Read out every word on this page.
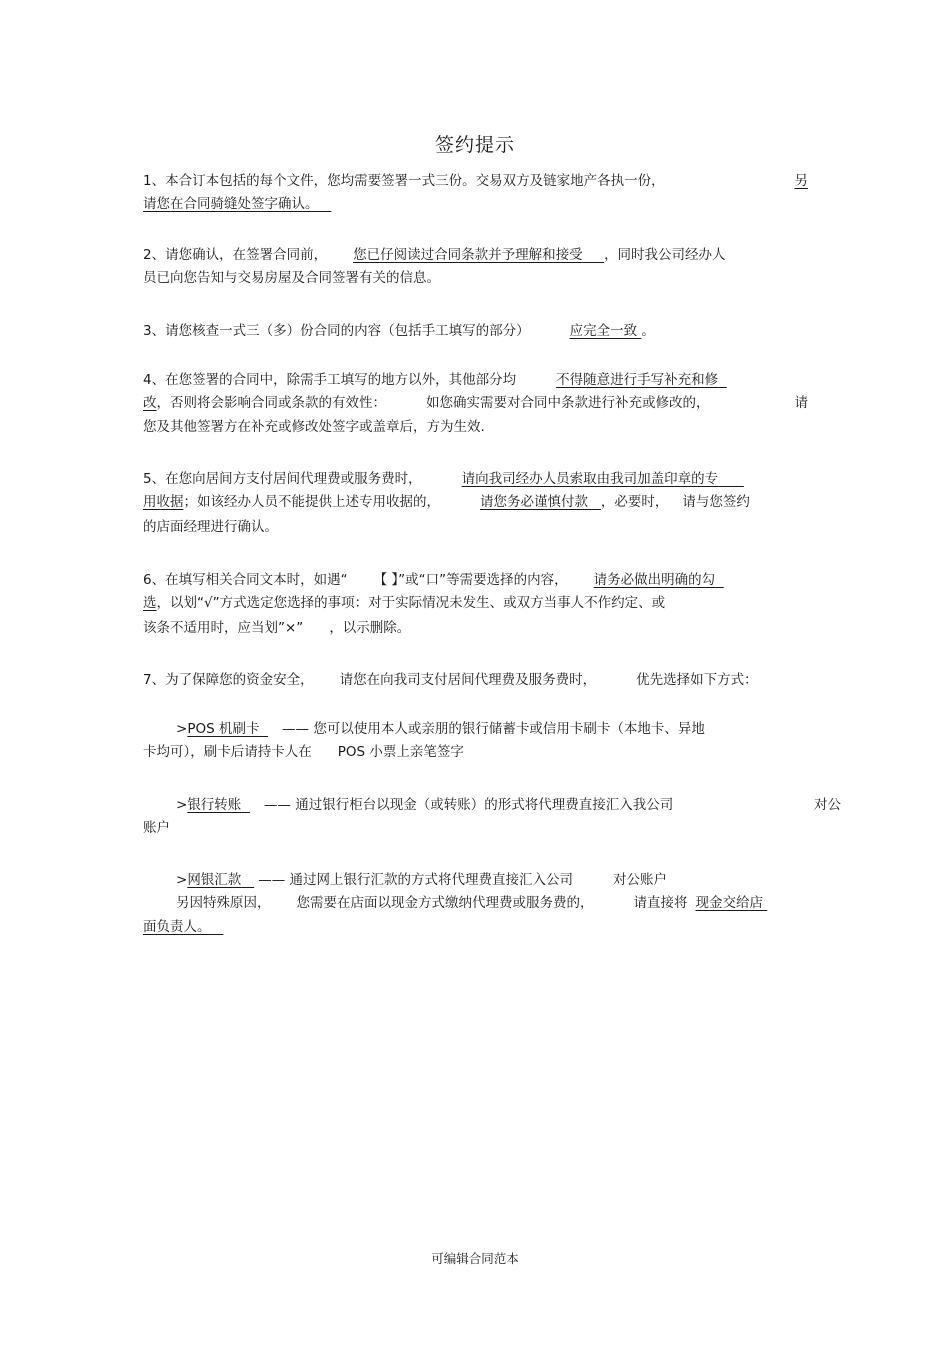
签约提示
1、本合订本包括的每个文件，您均需要签署一式三份。交易双方及链家地产各执一份，	另
请您在合同骑缝处签字确认。
2、请您确认，在签署合同前， 您已仔阅读过合同条款并予理解和接受 ，同时我公司经办人
员已向您告知与交易房屋及合同签署有关的信息。
3、请您核查一式三（多）份合同的内容（包括手工填写的部分）	应完全一致 。
4、在您签署的合同中，除需手工填写的地方以外，其他部分均	不得随意进行手写补充和修
改，否则将会影响合同或条款的有效性：	如您确实需要对合同中条款进行补充或修改的，	请
您及其他签署方在补充或修改处签字或盖章后，方为生效.
5、在您向居间方支付居间代理费或服务费时，	请向我司经办人员索取由我司加盖印章的专
用收据；如该经办人员不能提供上述专用收据的，	请您务必谨慎付款 ，必要时， 请与您签约
的店面经理进行确认。
6、在填写相关合同文本时，如遇“ 【 】”或“口”等需要选择的内容， 请务必做出明确的勾
选，以划“√”方式选定您选择的事项：对于实际情况未发生、或双方当事人不作约定、或
该条不适用时，应当划”×” ，以示删除。
7、为了保障您的资金安全， 请您在向我司支付居间代理费及服务费时，	优先选择如下方式：
>POS 机刷卡 —— 您可以使用本人或亲朋的银行储蓄卡或信用卡刷卡（本地卡、异地
卡均可），刷卡后请持卡人在 POS 小票上亲笔签字
>银行转账 —— 通过银行柜台以现金（或转账）的形式将代理费直接汇入我公司	对公
账户
>网银汇款 —— 通过网上银行汇款的方式将代理费直接汇入公司	对公账户
另因特殊原因， 您需要在店面以现金方式缴纳代理费或服务费的，	请直接将 现金交给店
面负责人。
可编辑合同范本
